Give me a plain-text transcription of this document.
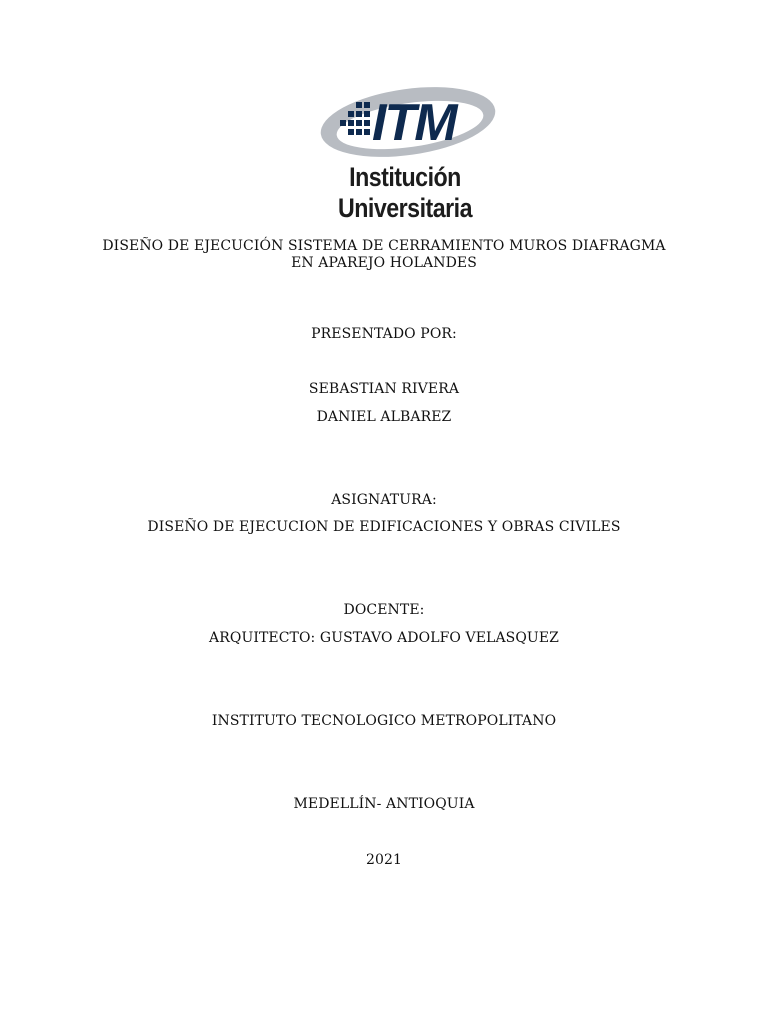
ITM
Institución Universitaria
DISEÑO DE EJECUCIÓN SISTEMA DE CERRAMIENTO MUROS DIAFRAGMA
EN APAREJO HOLANDES
PRESENTADO POR:
SEBASTIAN RIVERA
DANIEL ALBAREZ
ASIGNATURA:
DISEÑO DE EJECUCION DE EDIFICACIONES Y OBRAS CIVILES
DOCENTE:
ARQUITECTO: GUSTAVO ADOLFO VELASQUEZ
INSTITUTO TECNOLOGICO METROPOLITANO
MEDELLÍN- ANTIOQUIA
2021
